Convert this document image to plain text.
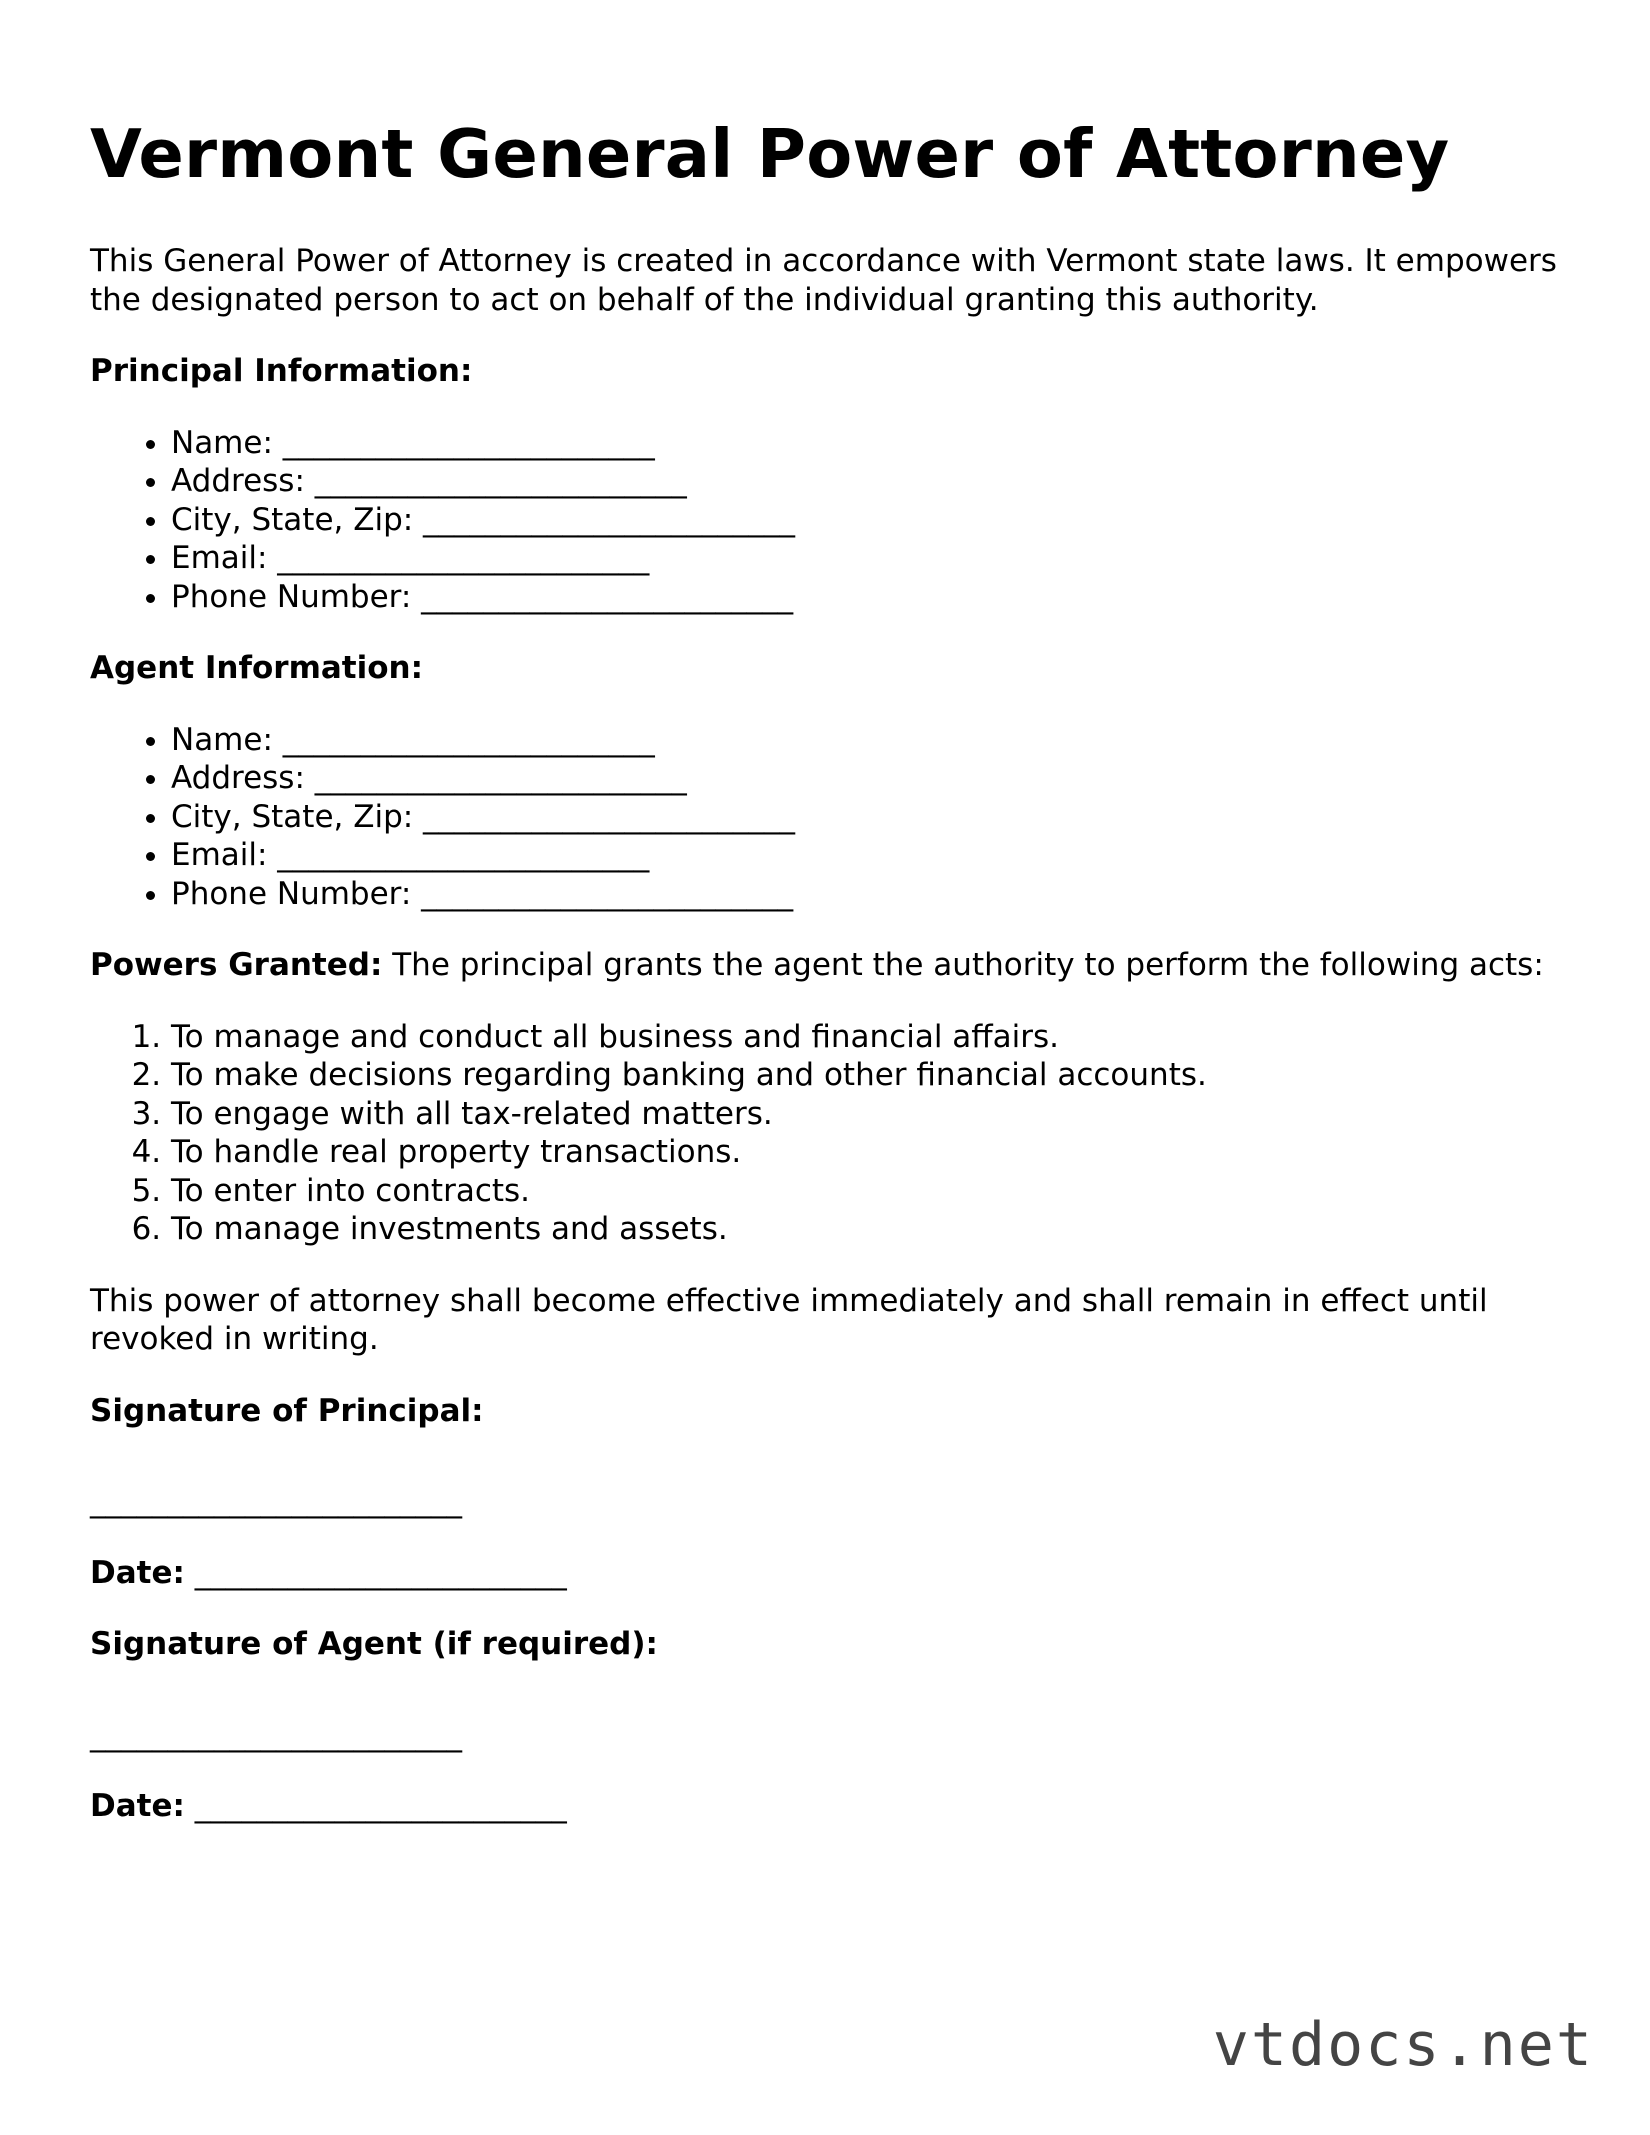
Vermont General Power of Attorney

This General Power of Attorney is created in accordance with Vermont state laws. It empowers the designated person to act on behalf of the individual granting this authority.

Principal Information:

• Name: ________________________
• Address: ________________________
• City, State, Zip: ________________________
• Email: ________________________
• Phone Number: ________________________

Agent Information:

• Name: ________________________
• Address: ________________________
• City, State, Zip: ________________________
• Email: ________________________
• Phone Number: ________________________

Powers Granted: The principal grants the agent the authority to perform the following acts:

1. To manage and conduct all business and financial affairs.
2. To make decisions regarding banking and other financial accounts.
3. To engage with all tax-related matters.
4. To handle real property transactions.
5. To enter into contracts.
6. To manage investments and assets.

This power of attorney shall become effective immediately and shall remain in effect until revoked in writing.

Signature of Principal:

________________________

Date: ________________________

Signature of Agent (if required):

________________________

Date: ________________________

vtdocs.net
